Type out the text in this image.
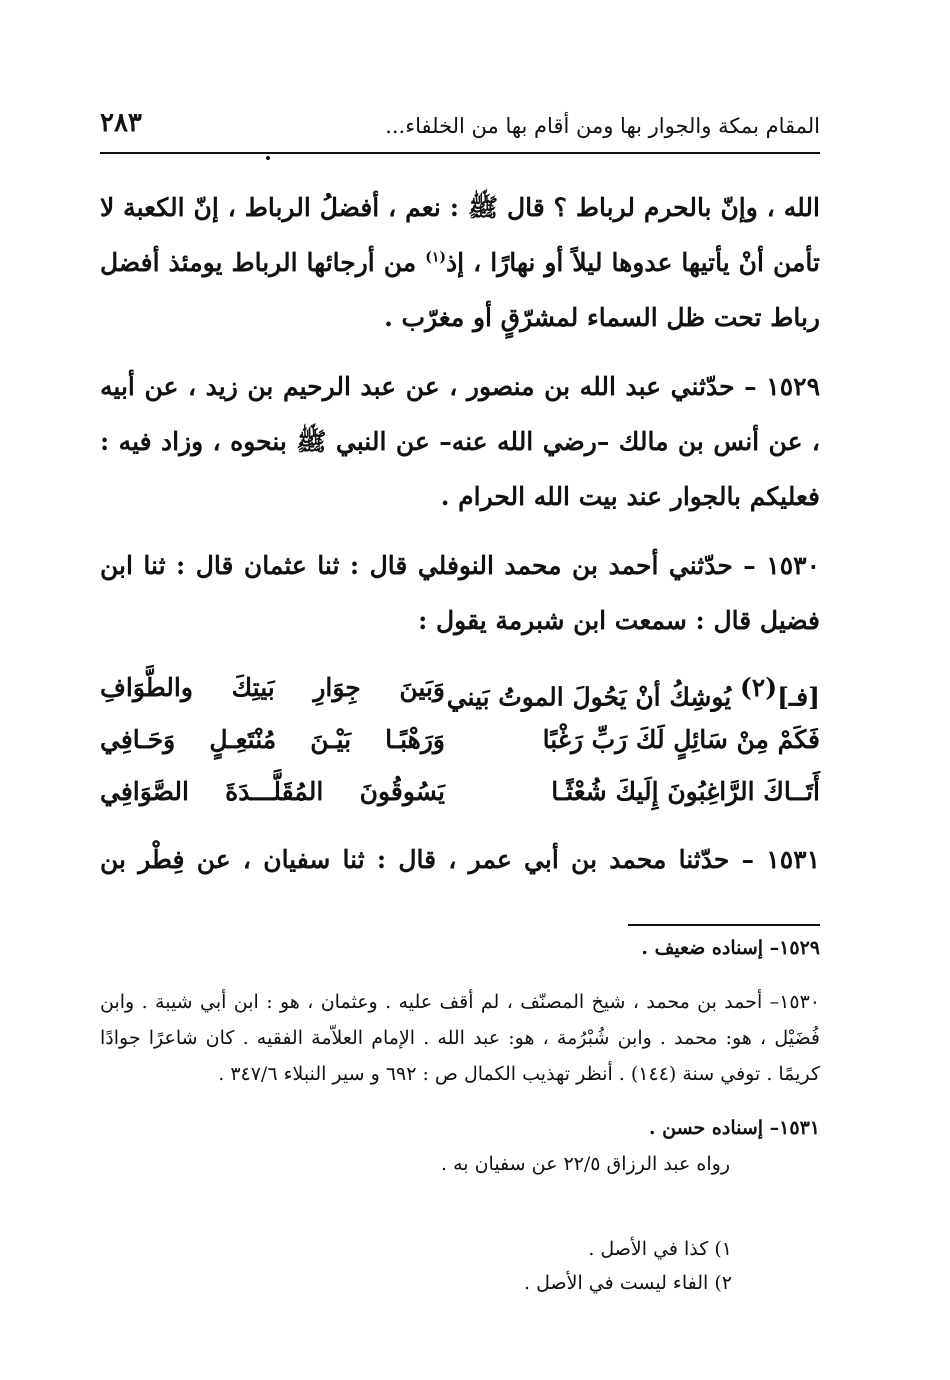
٢٨٣	المقام بمكة والجوار بها ومن أقام بها من الخلفاء...

الله ، وإنّ بالحرم لرباط ؟ قال ﷺ : نعم ، أفضلُ الرباط ، إنّ الكعبة لا تأمن أنْ يأتيها عدوها ليلاً أو نهارًا ، إذ$^{(١)}$ من أرجائها الرباط يومئذ أفضل رباط تحت ظل السماء لمشرّقٍ أو مغرّب .

١٥٢٩ – حدّثني عبد الله بن منصور ، عن عبد الرحيم بن زيد ، عن أبيه ، عن أنس بن مالك –رضي الله عنه– عن النبي ﷺ بنحوه ، وزاد فيه : فعليكم بالجوار عند بيت الله الحرام .

١٥٣٠ – حدّثني أحمد بن محمد النوفلي قال : ثنا عثمان قال : ثنا ابن فضيل قال : سمعت ابن شبرمة يقول :

[فـ](٢) يُوشِكُ أنْ يَحُولَ الموتُ بَيني
وَبَينَ جِوَارِ بَيتِكَ والطَّوَافِ
فَكَمْ مِنْ سَائِلٍ لَكَ رَبِّ رَغْبًا
وَرَهْبًـا بَيْـنَ مُنْتَعِـلٍ وَحَـافِي
أَتَــاكَ الرَّاغِبُونَ إِلَيكَ شُعْثًـا
يَسُوقُونَ المُقَلَّـــدَةَ الصَّوَافِي

١٥٣١ – حدّثنا محمد بن أبي عمر ، قال : ثنا سفيان ، عن فِطْر بن

١٥٢٩– إسناده ضعيف .

١٥٣٠– أحمد بن محمد ، شيخ المصنّف ، لم أقف عليه . وعثمان ، هو : ابن أبي شيبة . وابن فُضَيْل ، هو: محمد . وابن شُبْرُمة ، هو: عبد الله . الإمام العلاّمة الفقيه . كان شاعرًا جوادًا كريمًا . توفي سنة (١٤٤) . أنظر تهذيب الكمال ص : ٦٩٢ و سير النبلاء ٣٤٧/٦ .

١٥٣١– إسناده حسن .

رواه عبد الرزاق ٢٢/٥ عن سفيان به .

١) كذا في الأصل .
٢) الفاء ليست في الأصل .
